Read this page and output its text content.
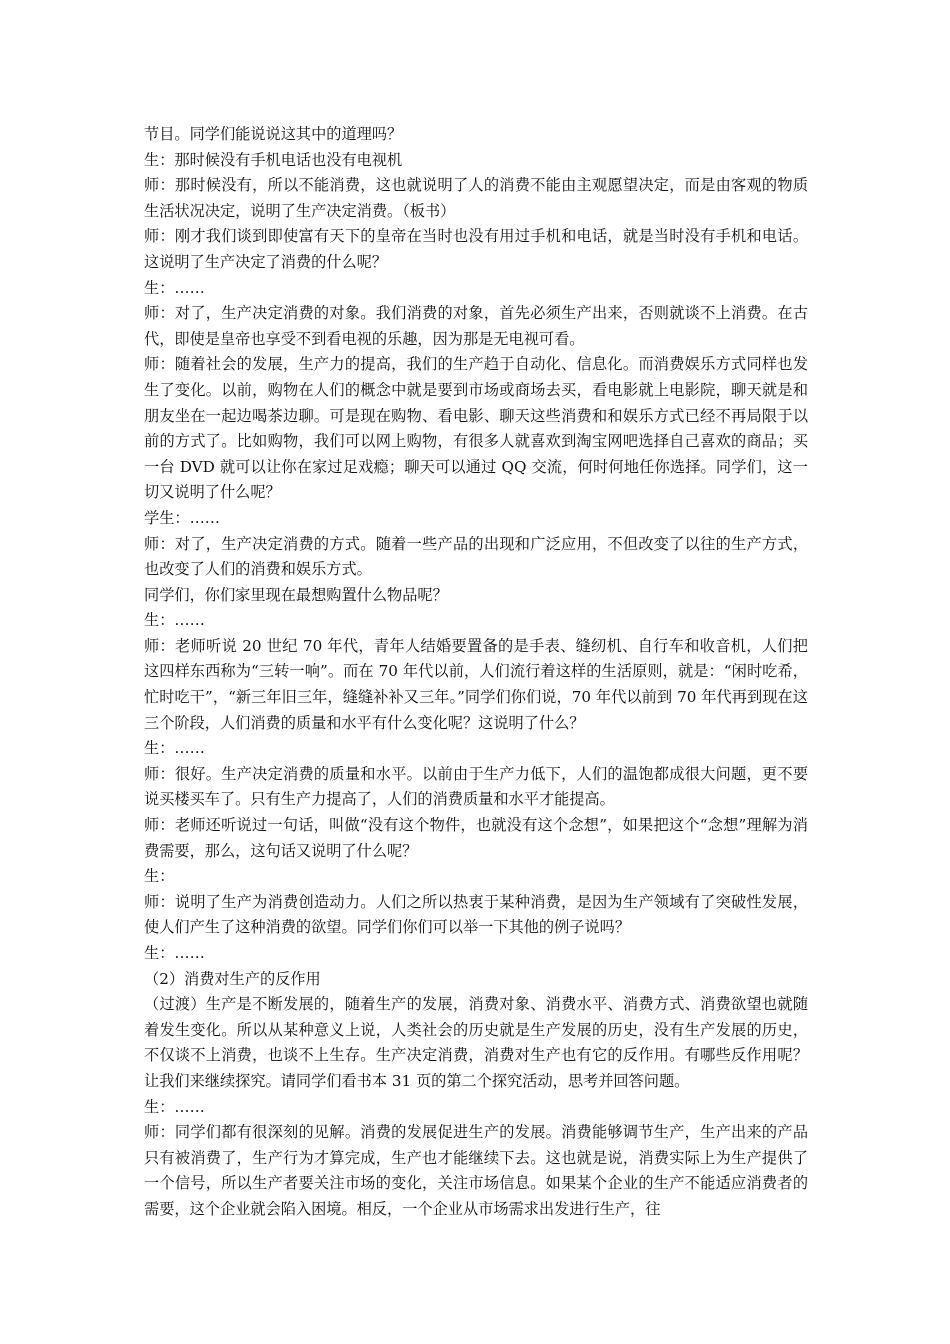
节目。同学们能说说这其中的道理吗？

生：那时候没有手机电话也没有电视机

师：那时候没有，所以不能消费，这也就说明了人的消费不能由主观愿望决定，而是由客观的物质生活状况决定，说明了生产决定消费。（板书）

师：刚才我们谈到即使富有天下的皇帝在当时也没有用过手机和电话，就是当时没有手机和电话。这说明了生产决定了消费的什么呢？

生：……

师：对了，生产决定消费的对象。我们消费的对象，首先必须生产出来，否则就谈不上消费。在古代，即使是皇帝也享受不到看电视的乐趣，因为那是无电视可看。

师：随着社会的发展，生产力的提高，我们的生产趋于自动化、信息化。而消费娱乐方式同样也发生了变化。以前，购物在人们的概念中就是要到市场或商场去买，看电影就上电影院，聊天就是和朋友坐在一起边喝茶边聊。可是现在购物、看电影、聊天这些消费和和娱乐方式已经不再局限于以前的方式了。比如购物，我们可以网上购物，有很多人就喜欢到淘宝网吧选择自己喜欢的商品；买一台 DVD 就可以让你在家过足戏瘾；聊天可以通过 QQ 交流，何时何地任你选择。同学们，这一切又说明了什么呢？

学生：……

师：对了，生产决定消费的方式。随着一些产品的出现和广泛应用，不但改变了以往的生产方式，也改变了人们的消费和娱乐方式。

同学们，你们家里现在最想购置什么物品呢？

生：……

师：老师听说 20 世纪 70 年代，青年人结婚要置备的是手表、缝纫机、自行车和收音机，人们把这四样东西称为“三转一响”。而在 70 年代以前，人们流行着这样的生活原则，就是：“闲时吃希，忙时吃干”，“新三年旧三年，缝缝补补又三年。”同学们你们说，70 年代以前到 70 年代再到现在这三个阶段，人们消费的质量和水平有什么变化呢？这说明了什么？

生：……

师：很好。生产决定消费的质量和水平。以前由于生产力低下，人们的温饱都成很大问题，更不要说买楼买车了。只有生产力提高了，人们的消费质量和水平才能提高。

师：老师还听说过一句话，叫做“没有这个物件，也就没有这个念想”，如果把这个“念想”理解为消费需要，那么，这句话又说明了什么呢？

生：

师：说明了生产为消费创造动力。人们之所以热衷于某种消费，是因为生产领域有了突破性发展，使人们产生了这种消费的欲望。同学们你们可以举一下其他的例子说吗？

生：……

（2）消费对生产的反作用

（过渡）生产是不断发展的，随着生产的发展，消费对象、消费水平、消费方式、消费欲望也就随着发生变化。所以从某种意义上说，人类社会的历史就是生产发展的历史，没有生产发展的历史，不仅谈不上消费，也谈不上生存。生产决定消费，消费对生产也有它的反作用。有哪些反作用呢？让我们来继续探究。请同学们看书本 31 页的第二个探究活动，思考并回答问题。

生：……

师：同学们都有很深刻的见解。消费的发展促进生产的发展。消费能够调节生产，生产出来的产品只有被消费了，生产行为才算完成，生产也才能继续下去。这也就是说，消费实际上为生产提供了一个信号，所以生产者要关注市场的变化，关注市场信息。如果某个企业的生产不能适应消费者的需要，这个企业就会陷入困境。相反，一个企业从市场需求出发进行生产，往
